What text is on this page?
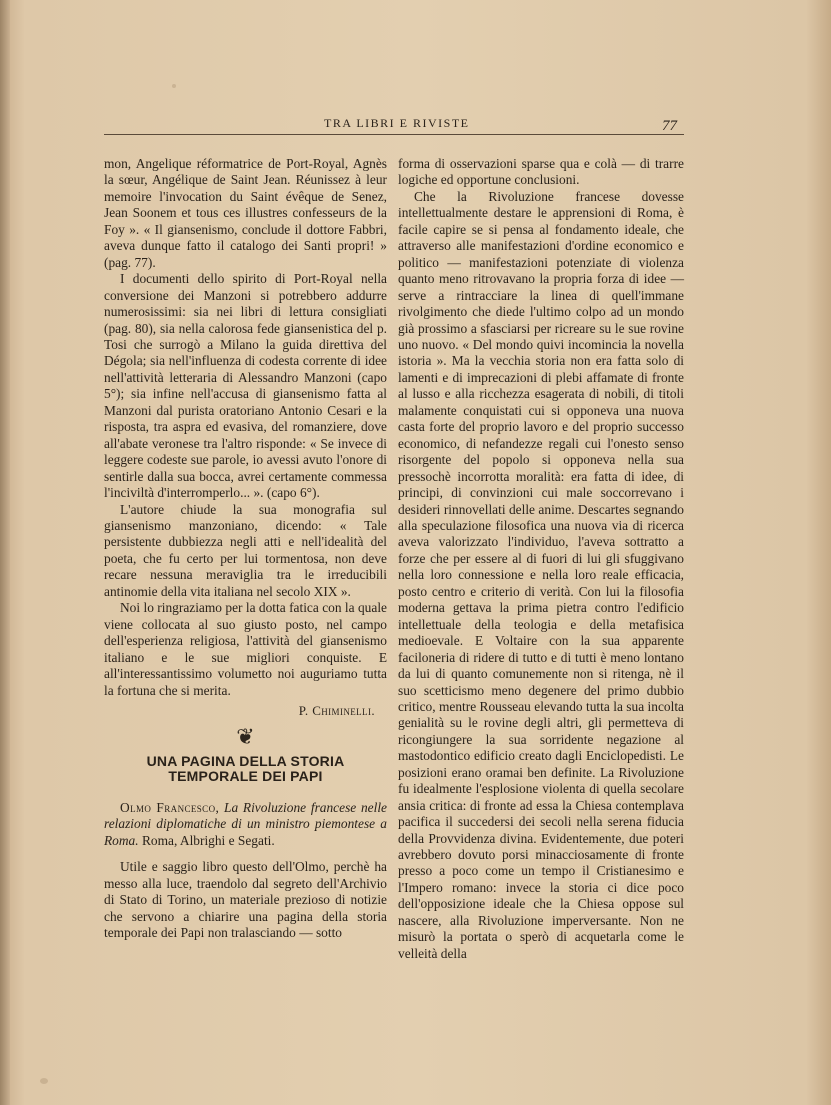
TRA LIBRI E RIVISTE	77

mon, Angelique réformatrice de Port-Royal, Agnès la sœur, Angélique de Saint Jean. Réunissez à leur memoire l'invocation du Saint évêque de Senez, Jean Soonem et tous ces illustres confesseurs de la Foy ». « Il giansenismo, conclude il dottore Fabbri, aveva dunque fatto il catalogo dei Santi propri! » (pag. 77).

I documenti dello spirito di Port-Royal nella conversione dei Manzoni si potrebbero addurre numerosissimi: sia nei libri di lettura consigliati (pag. 80), sia nella calorosa fede giansenistica del p. Tosi che surrogò a Milano la guida direttiva del Dégola; sia nell'influenza di codesta corrente di idee nell'attività letteraria di Alessandro Manzoni (capo 5°); sia infine nell'accusa di giansenismo fatta al Manzoni dal purista oratoriano Antonio Cesari e la risposta, tra aspra ed evasiva, del romanziere, dove all'abate veronese tra l'altro risponde: « Se invece di leggere codeste sue parole, io avessi avuto l'onore di sentirle dalla sua bocca, avrei certamente commessa l'inciviltà d'interromperlo... ». (capo 6°).

L'autore chiude la sua monografia sul giansenismo manzoniano, dicendo: « Tale persistente dubbiezza negli atti e nell'idealità del poeta, che fu certo per lui tormentosa, non deve recare nessuna meraviglia tra le irreducibili antinomie della vita italiana nel secolo XIX ».

Noi lo ringraziamo per la dotta fatica con la quale viene collocata al suo giusto posto, nel campo dell'esperienza religiosa, l'attività del giansenismo italiano e le sue migliori conquiste. E all'interessantissimo volumetto noi auguriamo tutta la fortuna che si merita.

P. Chiminelli.
❦
UNA PAGINA DELLA STORIA TEMPORALE DEI PAPI

Olmo Francesco, La Rivoluzione francese nelle relazioni diplomatiche di un ministro piemontese a Roma. Roma, Albrighi e Segati.

Utile e saggio libro questo dell'Olmo, perchè ha messo alla luce, traendolo dal segreto dell'Archivio di Stato di Torino, un materiale prezioso di notizie che servono a chiarire una pagina della storia temporale dei Papi non tralasciando — sotto

forma di osservazioni sparse qua e colà — di trarre logiche ed opportune conclusioni.

Che la Rivoluzione francese dovesse intellettualmente destare le apprensioni di Roma, è facile capire se si pensa al fondamento ideale, che attraverso alle manifestazioni d'ordine economico e politico — manifestazioni potenziate di violenza quanto meno ritrovavano la propria forza di idee — serve a rintracciare la linea di quell'immane rivolgimento che diede l'ultimo colpo ad un mondo già prossimo a sfasciarsi per ricreare su le sue rovine uno nuovo. « Del mondo quivi incomincia la novella istoria ». Ma la vecchia storia non era fatta solo di lamenti e di imprecazioni di plebi affamate di fronte al lusso e alla ricchezza esagerata di nobili, di titoli malamente conquistati cui si opponeva una nuova casta forte del proprio lavoro e del proprio successo economico, di nefandezze regali cui l'onesto senso risorgente del popolo si opponeva nella sua pressochè incorrotta moralità: era fatta di idee, di principi, di convinzioni cui male soccorrevano i desideri rinnovellati delle anime. Descartes segnando alla speculazione filosofica una nuova via di ricerca aveva valorizzato l'individuo, l'aveva sottratto a forze che per essere al di fuori di lui gli sfuggivano nella loro connessione e nella loro reale efficacia, posto centro e criterio di verità. Con lui la filosofia moderna gettava la prima pietra contro l'edificio intellettuale della teologia e della metafisica medioevale. E Voltaire con la sua apparente faciloneria di ridere di tutto e di tutti è meno lontano da lui di quanto comunemente non si ritenga, nè il suo scetticismo meno degenere del primo dubbio critico, mentre Rousseau elevando tutta la sua incolta genialità su le rovine degli altri, gli permetteva di ricongiungere la sua sorridente negazione al mastodontico edificio creato dagli Enciclopedisti. Le posizioni erano oramai ben definite. La Rivoluzione fu idealmente l'esplosione violenta di quella secolare ansia critica: di fronte ad essa la Chiesa contemplava pacifica il succedersi dei secoli nella serena fiducia della Provvidenza divina. Evidentemente, due poteri avrebbero dovuto porsi minacciosamente di fronte presso a poco come un tempo il Cristianesimo e l'Impero romano: invece la storia ci dice poco dell'opposizione ideale che la Chiesa oppose sul nascere, alla Rivoluzione imperversante. Non ne misurò la portata o sperò di acquetarla come le velleità della
